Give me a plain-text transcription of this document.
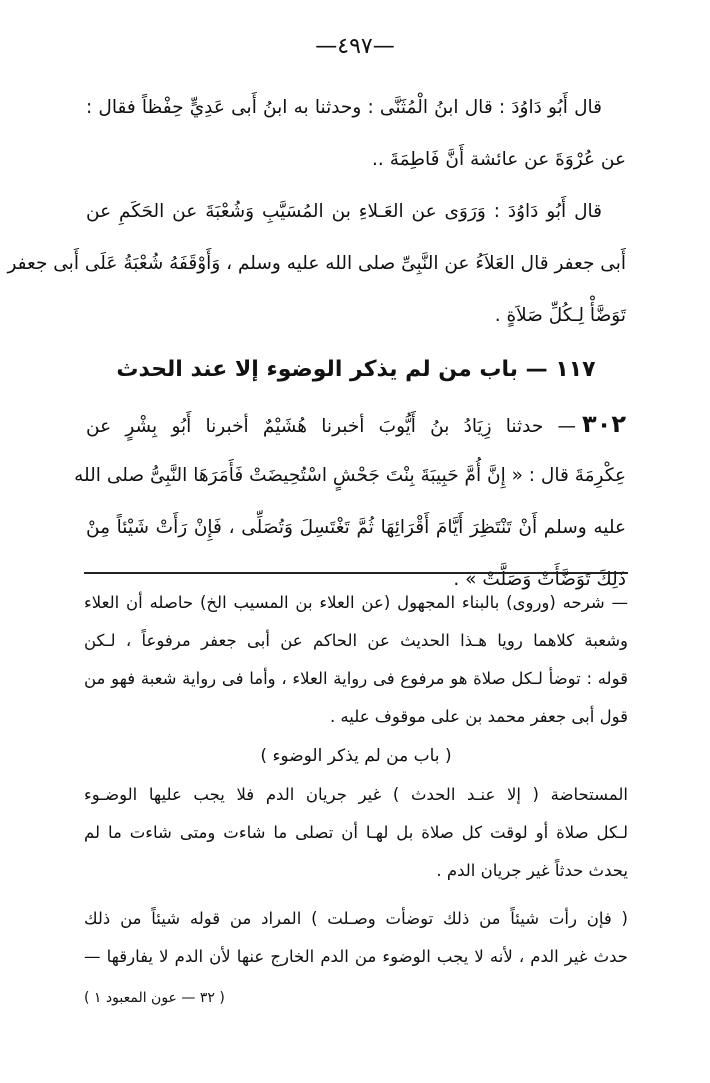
—٤٩٧—
قال أَبُو دَاوُدَ : قال ابنُ الْمُثَنَّى : وحدثنا به ابنُ أَبى عَدِيٍّ حِفْظاً فقال :
عن عُرْوَةَ عن عائشة أَنَّ فَاطِمَةَ ..
قال أَبُو دَاوُدَ : وَرَوَى عن العَـلاءِ بن المُسَيَّبِ وَشُعْبَةَ عن الحَكَمِ عن
أَبى جعفر قال العَلاَءُ عن النَّبِىِّ صلى الله عليه وسلم ، وَأَوْقَفَهُ شُعْبَةُ عَلَى أَبى جعفر
تَوَضَّأْ لِـكُلِّ صَلاَةٍ .
١١٧ — باب من لم يذكر الوضوء إلا عند الحدث
٣٠٢— حدثنا زِيَادُ بنُ أَيُّوبَ أخبرنا هُشَيْمٌ أخبرنا أَبُو بِشْرٍ عن
عِكْرِمَةَ قال : « إِنَّ أُمَّ حَبِيبَةَ بِنْتَ جَحْشٍ اسْتُحِيضَتْ فَأَمَرَهَا النَّبِىُّ صلى الله
عليه وسلم أَنْ تَنْتَظِرَ أَيَّامَ أَقْرَائِهَا ثُمَّ تَغْتَسِلَ وَتُصَلِّى ، فَإِنْ رَأَتْ شَيْئاً مِنْ
ذَلِكَ تَوَضَّأَتْ وَصَلَّتْ » .
— شرحه (وروى) بالبناء المجهول (عن العلاء بن المسيب الخ) حاصله أن العلاء
وشعبة كلاهما رويا هـذا الحديث عن الحاكم عن أبى جعفر مرفوعاً ، لـكن
قوله : توضأ لـكل صلاة هو مرفوع فى رواية العلاء ، وأما فى رواية شعبة فهو من
قول أبى جعفر محمد بن على موقوف عليه .
( باب من لم يذكر الوضوء )
المستحاضة ( إلا عنـد الحدث ) غير جريان الدم فلا يجب عليها الوضـوء
لـكل صلاة أو لوقت كل صلاة بل لهـا أن تصلى ما شاءت ومتى شاءت ما لم
يحدث حدثاً غير جريان الدم .
( فإن رأت شيئاً من ذلك توضأت وصـلت ) المراد من قوله شيئاً من ذلك
حدث غير الدم ، لأنه لا يجب الوضوء من الدم الخارج عنها لأن الدم لا يفارقها —
( ٣٢ — عون المعبود ١ )
